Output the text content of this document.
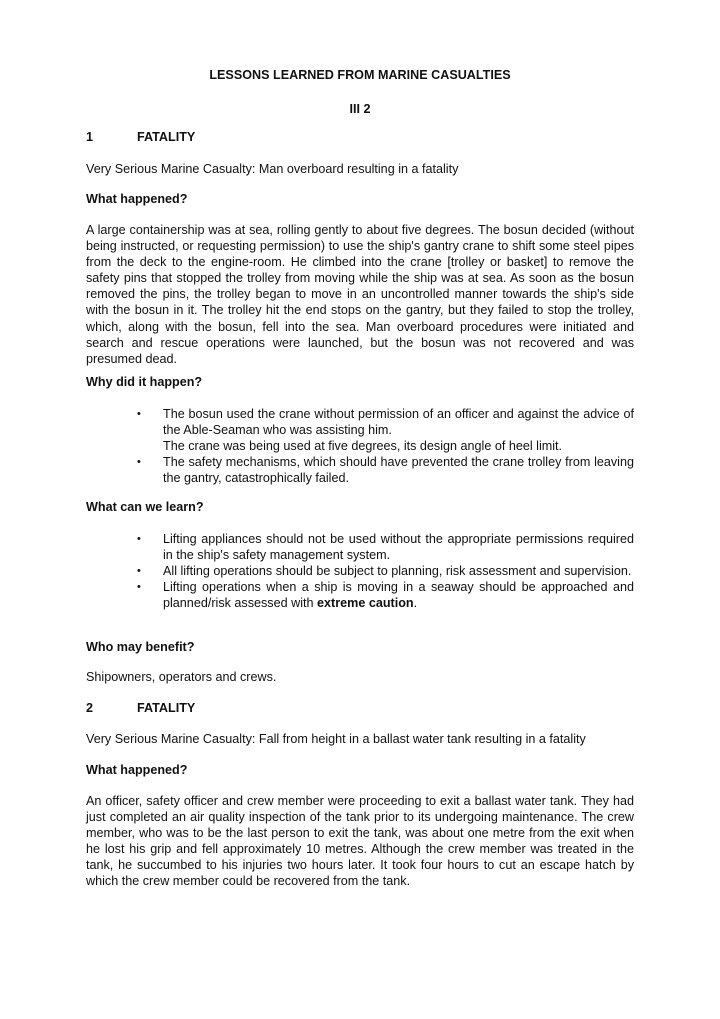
LESSONS LEARNED FROM MARINE CASUALTIES
III 2
1	FATALITY
Very Serious Marine Casualty: Man overboard resulting in a fatality
What happened?
A large containership was at sea, rolling gently to about five degrees. The bosun decided (without being instructed, or requesting permission) to use the ship's gantry crane to shift some steel pipes from the deck to the engine-room. He climbed into the crane [trolley or basket] to remove the safety pins that stopped the trolley from moving while the ship was at sea. As soon as the bosun removed the pins, the trolley began to move in an uncontrolled manner towards the ship's side with the bosun in it. The trolley hit the end stops on the gantry, but they failed to stop the trolley, which, along with the bosun, fell into the sea. Man overboard procedures were initiated and search and rescue operations were launched, but the bosun was not recovered and was presumed dead.
Why did it happen?
• The bosun used the crane without permission of an officer and against the advice of the Able-Seaman who was assisting him.
The crane was being used at five degrees, its design angle of heel limit.
• The safety mechanisms, which should have prevented the crane trolley from leaving the gantry, catastrophically failed.
What can we learn?
• Lifting appliances should not be used without the appropriate permissions required in the ship's safety management system.
• All lifting operations should be subject to planning, risk assessment and supervision.
• Lifting operations when a ship is moving in a seaway should be approached and planned/risk assessed with extreme caution.
Who may benefit?
Shipowners, operators and crews.
2	FATALITY
Very Serious Marine Casualty: Fall from height in a ballast water tank resulting in a fatality
What happened?
An officer, safety officer and crew member were proceeding to exit a ballast water tank. They had just completed an air quality inspection of the tank prior to its undergoing maintenance. The crew member, who was to be the last person to exit the tank, was about one metre from the exit when he lost his grip and fell approximately 10 metres. Although the crew member was treated in the tank, he succumbed to his injuries two hours later. It took four hours to cut an escape hatch by which the crew member could be recovered from the tank.
